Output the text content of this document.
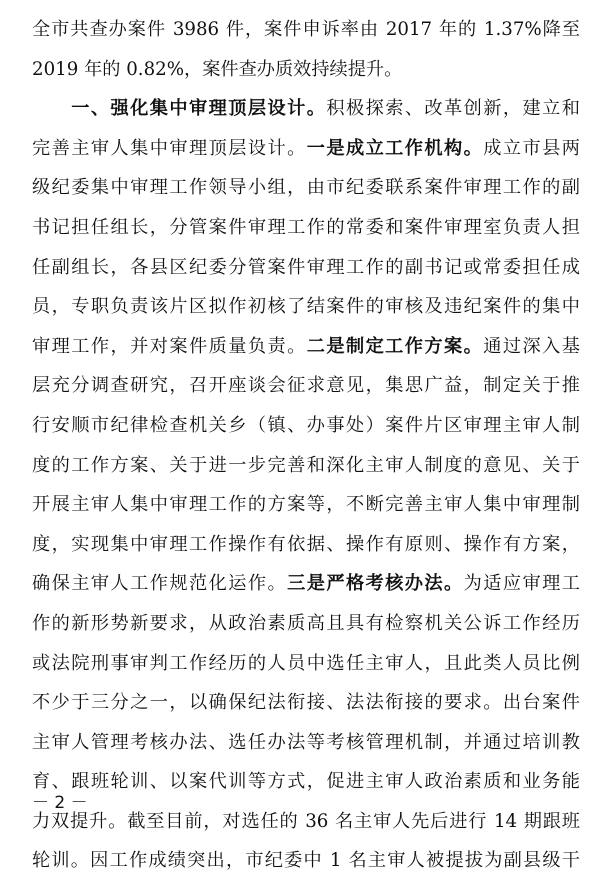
全市共查办案件 3986 件，案件申诉率由 2017 年的 1.37%降至
2019 年的 0.82%，案件查办质效持续提升。
　　一、强化集中审理顶层设计。积极探索、改革创新，建立和
完善主审人集中审理顶层设计。一是成立工作机构。成立市县两
级纪委集中审理工作领导小组，由市纪委联系案件审理工作的副
书记担任组长，分管案件审理工作的常委和案件审理室负责人担
任副组长，各县区纪委分管案件审理工作的副书记或常委担任成
员，专职负责该片区拟作初核了结案件的审核及违纪案件的集中
审理工作，并对案件质量负责。二是制定工作方案。通过深入基
层充分调查研究，召开座谈会征求意见，集思广益，制定关于推
行安顺市纪律检查机关乡（镇、办事处）案件片区审理主审人制
度的工作方案、关于进一步完善和深化主审人制度的意见、关于
开展主审人集中审理工作的方案等，不断完善主审人集中审理制
度，实现集中审理工作操作有依据、操作有原则、操作有方案，
确保主审人工作规范化运作。三是严格考核办法。为适应审理工
作的新形势新要求，从政治素质高且具有检察机关公诉工作经历
或法院刑事审判工作经历的人员中选任主审人，且此类人员比例
不少于三分之一，以确保纪法衔接、法法衔接的要求。出台案件
主审人管理考核办法、选任办法等考核管理机制，并通过培训教
育、跟班轮训、以案代训等方式，促进主审人政治素质和业务能
力双提升。截至目前，对选任的 36 名主审人先后进行 14 期跟班
轮训。因工作成绩突出，市纪委中 1 名主审人被提拔为副县级干
－ 2 －
